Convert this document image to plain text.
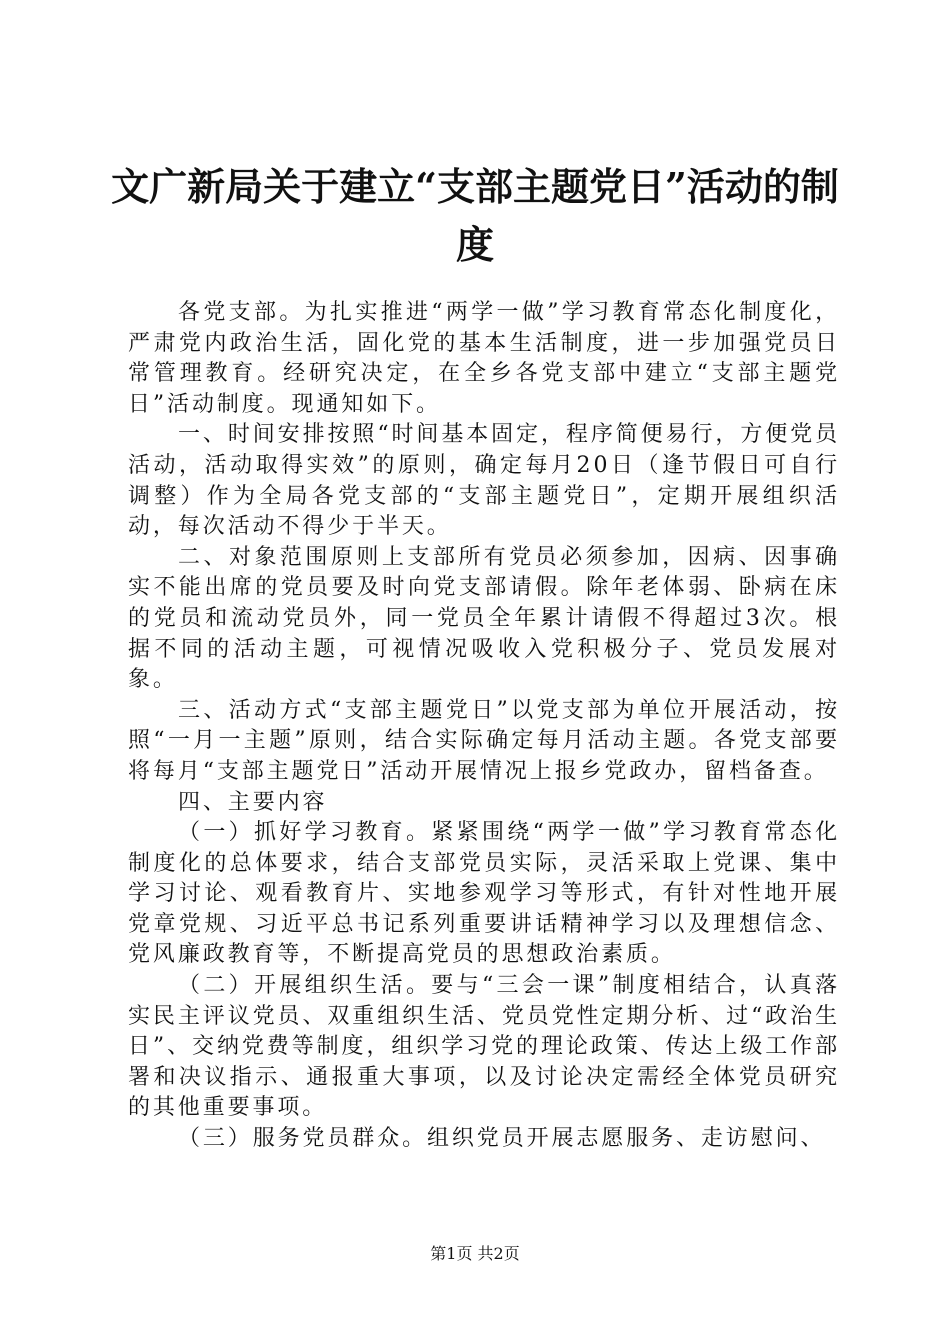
文广新局关于建立“支部主题党日”活动的制度

各党支部。为扎实推进“两学一做”学习教育常态化制度化，严肃党内政治生活，固化党的基本生活制度，进一步加强党员日常管理教育。经研究决定，在全乡各党支部中建立“支部主题党日”活动制度。现通知如下。

一、时间安排按照“时间基本固定，程序简便易行，方便党员活动，活动取得实效”的原则，确定每月20日（逢节假日可自行调整）作为全局各党支部的“支部主题党日”，定期开展组织活动，每次活动不得少于半天。

二、对象范围原则上支部所有党员必须参加，因病、因事确实不能出席的党员要及时向党支部请假。除年老体弱、卧病在床的党员和流动党员外，同一党员全年累计请假不得超过3次。根据不同的活动主题，可视情况吸收入党积极分子、党员发展对象。

三、活动方式“支部主题党日”以党支部为单位开展活动，按照“一月一主题”原则，结合实际确定每月活动主题。各党支部要将每月“支部主题党日”活动开展情况上报乡党政办，留档备查。

四、主要内容

（一）抓好学习教育。紧紧围绕“两学一做”学习教育常态化制度化的总体要求，结合支部党员实际，灵活采取上党课、集中学习讨论、观看教育片、实地参观学习等形式，有针对性地开展党章党规、习近平总书记系列重要讲话精神学习以及理想信念、党风廉政教育等，不断提高党员的思想政治素质。

（二）开展组织生活。要与“三会一课”制度相结合，认真落实民主评议党员、双重组织生活、党员党性定期分析、过“政治生日”、交纳党费等制度，组织学习党的理论政策、传达上级工作部署和决议指示、通报重大事项，以及讨论决定需经全体党员研究的其他重要事项。

（三）服务党员群众。组织党员开展志愿服务、走访慰问、

第1页 共2页
